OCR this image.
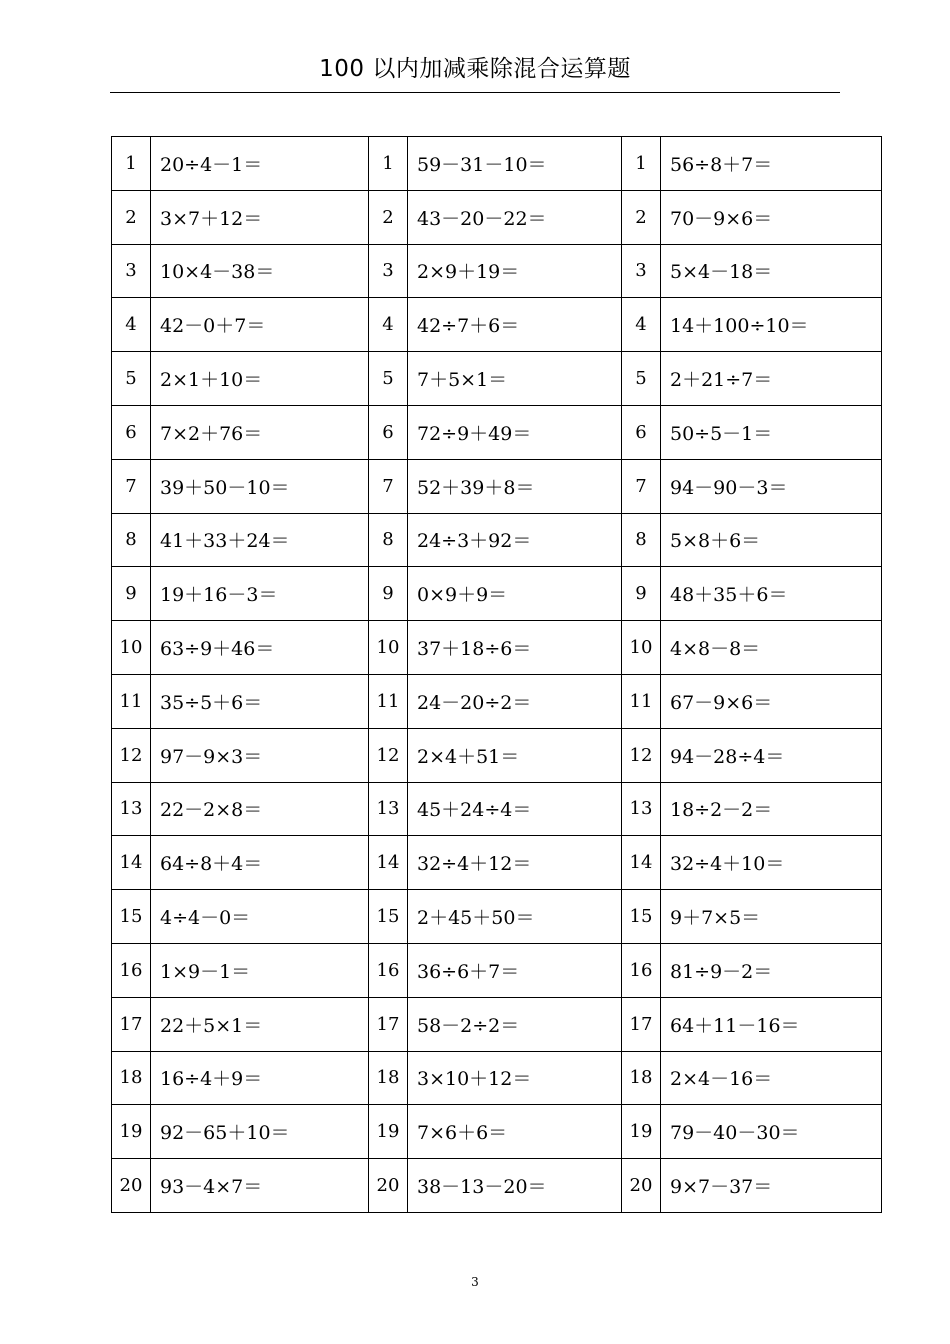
100 以内加减乘除混合运算题
1	20÷4－1＝	1	59－31－10＝	1	56÷8＋7＝
2	3×7＋12＝	2	43－20－22＝	2	70－9×6＝
3	10×4－38＝	3	2×9＋19＝	3	5×4－18＝
4	42－0＋7＝	4	42÷7＋6＝	4	14＋100÷10＝
5	2×1＋10＝	5	7＋5×1＝	5	2＋21÷7＝
6	7×2＋76＝	6	72÷9＋49＝	6	50÷5－1＝
7	39＋50－10＝	7	52＋39＋8＝	7	94－90－3＝
8	41＋33＋24＝	8	24÷3＋92＝	8	5×8＋6＝
9	19＋16－3＝	9	0×9＋9＝	9	48＋35＋6＝
10	63÷9＋46＝	10	37＋18÷6＝	10	4×8－8＝
11	35÷5＋6＝	11	24－20÷2＝	11	67－9×6＝
12	97－9×3＝	12	2×4＋51＝	12	94－28÷4＝
13	22－2×8＝	13	45＋24÷4＝	13	18÷2－2＝
14	64÷8＋4＝	14	32÷4＋12＝	14	32÷4＋10＝
15	4÷4－0＝	15	2＋45＋50＝	15	9＋7×5＝
16	1×9－1＝	16	36÷6＋7＝	16	81÷9－2＝
17	22＋5×1＝	17	58－2÷2＝	17	64＋11－16＝
18	16÷4＋9＝	18	3×10＋12＝	18	2×4－16＝
19	92－65＋10＝	19	7×6＋6＝	19	79－40－30＝
20	93－4×7＝	20	38－13－20＝	20	9×7－37＝
3
